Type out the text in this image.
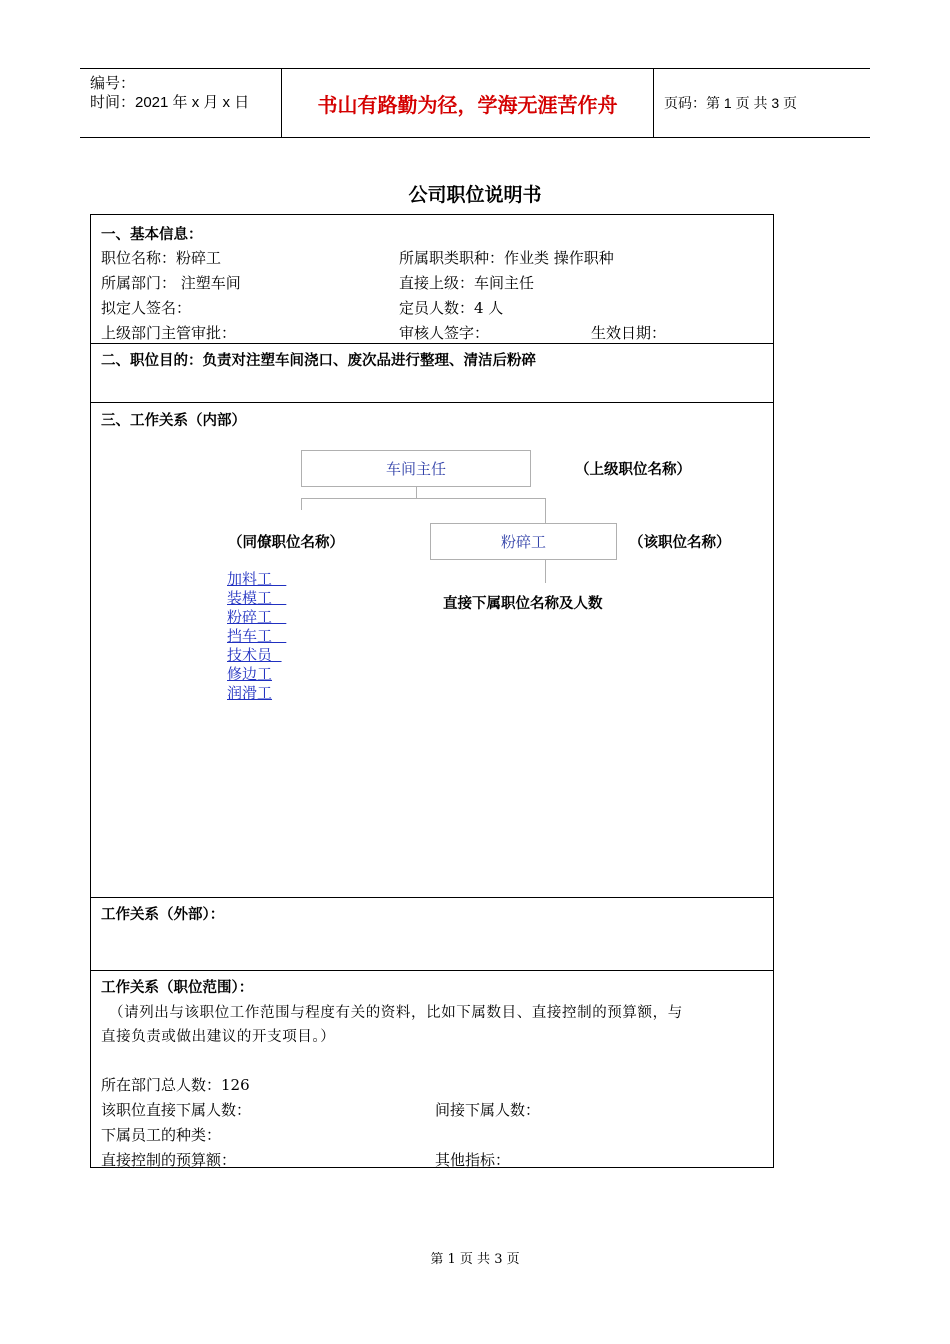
编号：
时间：2021 年 x 月 x 日	书山有路勤为径，学海无涯苦作舟	页码：第 1 页 共 3 页
公司职位说明书
一、基本信息：
职位名称：粉碎工	所属职类职种：作业类 操作职种
所属部门： 注塑车间	直接上级：车间主任
拟定人签名：	定员人数：4 人
上级部门主管审批：	审核人签字：	生效日期：
二、职位目的：负责对注塑车间浇口、废次品进行整理、清洁后粉碎
三、工作关系（内部）
车间主任	（上级职位名称）
（同僚职位名称）	粉碎工	（该职位名称）
直接下属职位名称及人数
加料工
装模工
粉碎工
挡车工
技术员
修边工
润滑工
工作关系（外部）：
工作关系（职位范围）：
（请列出与该职位工作范围与程度有关的资料，比如下属数目、直接控制的预算额，与
直接负责或做出建议的开支项目。）
所在部门总人数：126
该职位直接下属人数：	间接下属人数：
下属员工的种类：
直接控制的预算额：	其他指标：
第 1 页 共 3 页
